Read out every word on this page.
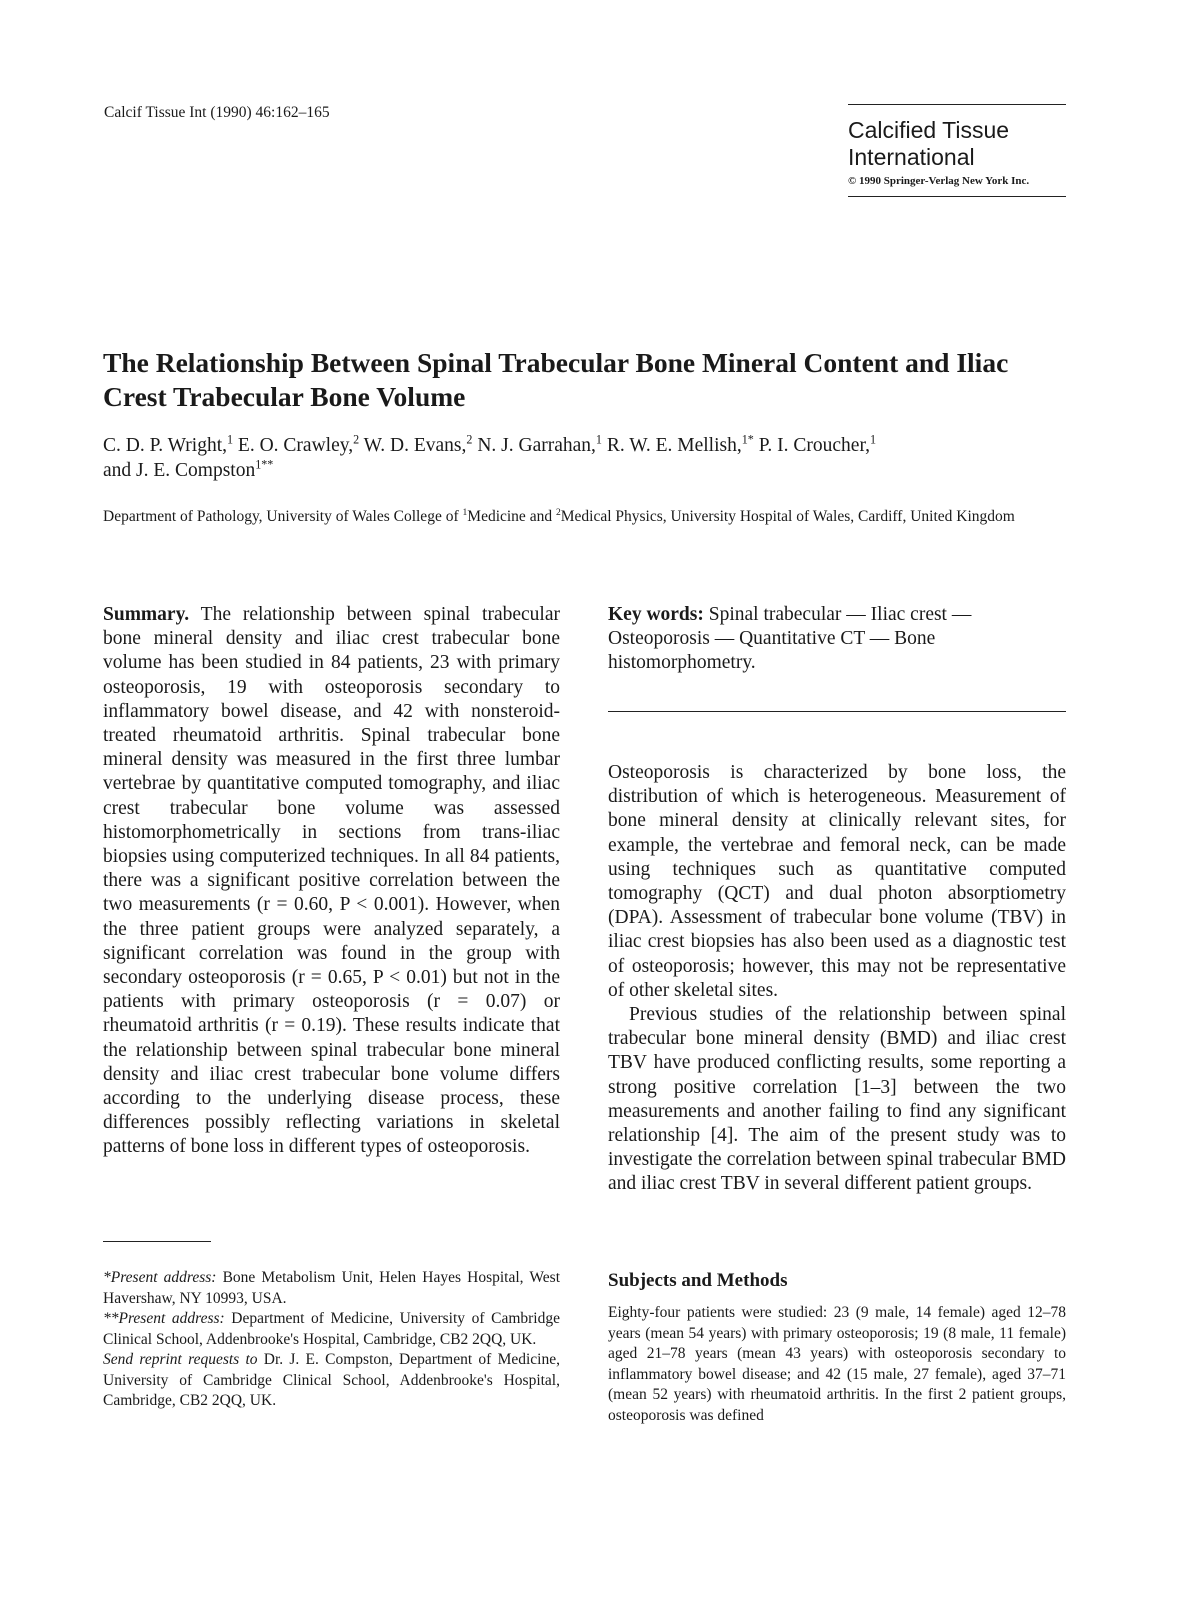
Calcif Tissue Int (1990) 46:162–165
Calcified Tissue
International
© 1990 Springer-Verlag New York Inc.
The Relationship Between Spinal Trabecular Bone Mineral Content and Iliac Crest Trabecular Bone Volume
C. D. P. Wright,$^1$ E. O. Crawley,$^2$ W. D. Evans,$^2$ N. J. Garrahan,$^1$ R. W. E. Mellish,$^{1*}$ P. I. Croucher,$^1$
and J. E. Compston$^{1**}$
Department of Pathology, University of Wales College of $^1$Medicine and $^2$Medical Physics, University Hospital of Wales, Cardiff, United Kingdom

Summary. The relationship between spinal trabecular bone mineral density and iliac crest trabecular bone volume has been studied in 84 patients, 23 with primary osteoporosis, 19 with osteoporosis secondary to inflammatory bowel disease, and 42 with nonsteroid-treated rheumatoid arthritis. Spinal trabecular bone mineral density was measured in the first three lumbar vertebrae by quantitative computed tomography, and iliac crest trabecular bone volume was assessed histomorphometrically in sections from trans-iliac biopsies using computerized techniques. In all 84 patients, there was a significant positive correlation between the two measurements (r = 0.60, P < 0.001). However, when the three patient groups were analyzed separately, a significant correlation was found in the group with secondary osteoporosis (r = 0.65, P < 0.01) but not in the patients with primary osteoporosis (r = 0.07) or rheumatoid arthritis (r = 0.19). These results indicate that the relationship between spinal trabecular bone mineral density and iliac crest trabecular bone volume differs according to the underlying disease process, these differences possibly reflecting variations in skeletal patterns of bone loss in different types of osteoporosis.

Key words: Spinal trabecular — Iliac crest — Osteoporosis — Quantitative CT — Bone histomorphometry.

Osteoporosis is characterized by bone loss, the distribution of which is heterogeneous. Measurement of bone mineral density at clinically relevant sites, for example, the vertebrae and femoral neck, can be made using techniques such as quantitative computed tomography (QCT) and dual photon absorptiometry (DPA). Assessment of trabecular bone volume (TBV) in iliac crest biopsies has also been used as a diagnostic test of osteoporosis; however, this may not be representative of other skeletal sites.

Previous studies of the relationship between spinal trabecular bone mineral density (BMD) and iliac crest TBV have produced conflicting results, some reporting a strong positive correlation [1–3] between the two measurements and another failing to find any significant relationship [4]. The aim of the present study was to investigate the correlation between spinal trabecular BMD and iliac crest TBV in several different patient groups.

*Present address: Bone Metabolism Unit, Helen Hayes Hospital, West Havershaw, NY 10993, USA.

**Present address: Department of Medicine, University of Cambridge Clinical School, Addenbrooke's Hospital, Cambridge, CB2 2QQ, UK.

Send reprint requests to Dr. J. E. Compston, Department of Medicine, University of Cambridge Clinical School, Addenbrooke's Hospital, Cambridge, CB2 2QQ, UK.

Subjects and Methods
Eighty-four patients were studied: 23 (9 male, 14 female) aged 12–78 years (mean 54 years) with primary osteoporosis; 19 (8 male, 11 female) aged 21–78 years (mean 43 years) with osteoporosis secondary to inflammatory bowel disease; and 42 (15 male, 27 female), aged 37–71 (mean 52 years) with rheumatoid arthritis. In the first 2 patient groups, osteoporosis was defined
